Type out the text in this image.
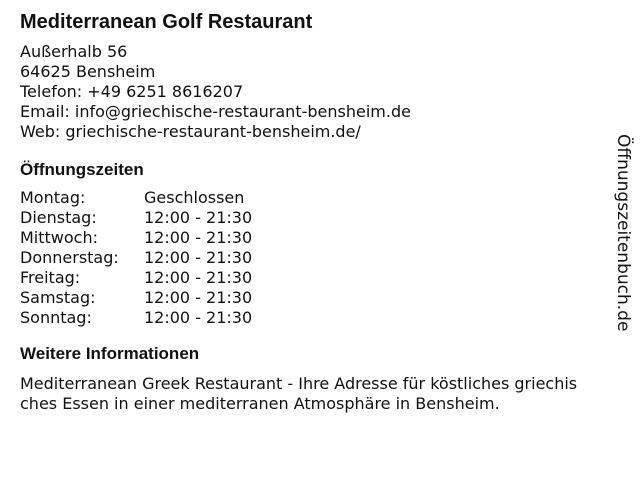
Mediterranean Golf Restaurant
Außerhalb 56
64625 Bensheim
Telefon: +49 6251 8616207
Email: info@griechische-restaurant-bensheim.de
Web: griechische-restaurant-bensheim.de/
Öffnungszeiten
Montag:	Geschlossen
Dienstag:	12:00 - 21:30
Mittwoch:	12:00 - 21:30
Donnerstag:	12:00 - 21:30
Freitag:	12:00 - 21:30
Samstag:	12:00 - 21:30
Sonntag:	12:00 - 21:30
Weitere Informationen
Mediterranean Greek Restaurant - Ihre Adresse für köstliches griechisches Essen in einer mediterranen Atmosphäre in Bensheim.
Öffnungszeitenbuch.de
